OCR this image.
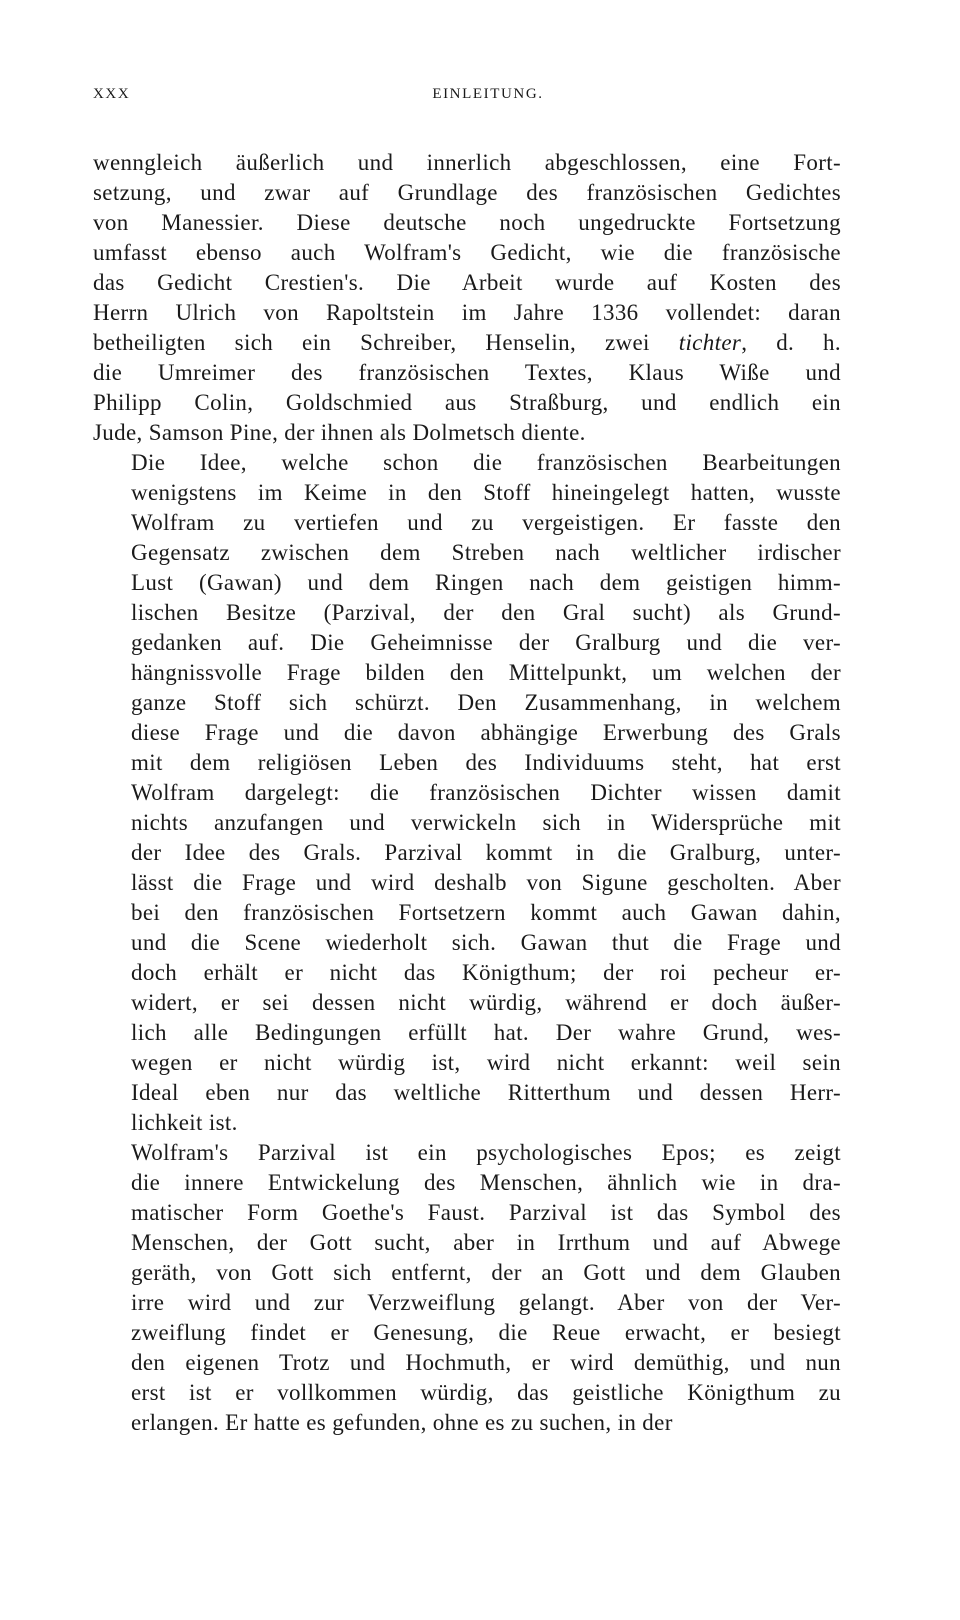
XXX	EINLEITUNG.

wenngleich äußerlich und innerlich abgeschlossen, eine Fort-
setzung, und zwar auf Grundlage des französischen Gedichtes
von Manessier. Diese deutsche noch ungedruckte Fortsetzung
umfasst ebenso auch Wolfram's Gedicht, wie die französische
das Gedicht Crestien's. Die Arbeit wurde auf Kosten des
Herrn Ulrich von Rapoltstein im Jahre 1336 vollendet: daran
betheiligten sich ein Schreiber, Henselin, zwei tichter, d. h.
die Umreimer des französischen Textes, Klaus Wiße und
Philipp Colin, Goldschmied aus Straßburg, und endlich ein
Jude, Samson Pine, der ihnen als Dolmetsch diente.

Die Idee, welche schon die französischen Bearbeitungen
wenigstens im Keime in den Stoff hineingelegt hatten, wusste
Wolfram zu vertiefen und zu vergeistigen. Er fasste den
Gegensatz zwischen dem Streben nach weltlicher irdischer
Lust (Gawan) und dem Ringen nach dem geistigen himm-
lischen Besitze (Parzival, der den Gral sucht) als Grund-
gedanken auf. Die Geheimnisse der Gralburg und die ver-
hängnissvolle Frage bilden den Mittelpunkt, um welchen der
ganze Stoff sich schürzt. Den Zusammenhang, in welchem
diese Frage und die davon abhängige Erwerbung des Grals
mit dem religiösen Leben des Individuums steht, hat erst
Wolfram dargelegt: die französischen Dichter wissen damit
nichts anzufangen und verwickeln sich in Widersprüche mit
der Idee des Grals. Parzival kommt in die Gralburg, unter-
lässt die Frage und wird deshalb von Sigune gescholten. Aber
bei den französischen Fortsetzern kommt auch Gawan dahin,
und die Scene wiederholt sich. Gawan thut die Frage und
doch erhält er nicht das Königthum; der roi pecheur er-
widert, er sei dessen nicht würdig, während er doch äußer-
lich alle Bedingungen erfüllt hat. Der wahre Grund, wes-
wegen er nicht würdig ist, wird nicht erkannt: weil sein
Ideal eben nur das weltliche Ritterthum und dessen Herr-
lichkeit ist.

Wolfram's Parzival ist ein psychologisches Epos; es zeigt
die innere Entwickelung des Menschen, ähnlich wie in dra-
matischer Form Goethe's Faust. Parzival ist das Symbol des
Menschen, der Gott sucht, aber in Irrthum und auf Abwege
geräth, von Gott sich entfernt, der an Gott und dem Glauben
irre wird und zur Verzweiflung gelangt. Aber von der Ver-
zweiflung findet er Genesung, die Reue erwacht, er besiegt
den eigenen Trotz und Hochmuth, er wird demüthig, und nun
erst ist er vollkommen würdig, das geistliche Königthum zu
erlangen. Er hatte es gefunden, ohne es zu suchen, in der
